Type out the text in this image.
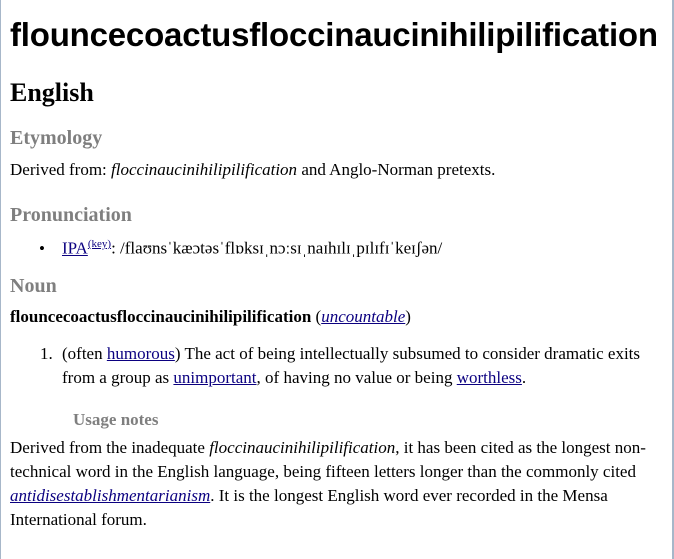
flouncecoactusfloccinaucinihilipilification
English
Etymology
Derived from: floccinaucinihilipilification and Anglo-Norman pretexts.
Pronunciation
• $IPA^{(key)}$: /flaʊnsˈkæɔtəsˈflɒksɪˌnɔːsɪˌnaɪhɪlɪˌpɪlɪfɪˈkeɪʃən/
Noun
flouncecoactusfloccinaucinihilipilification (uncountable)
1. (often humorous) The act of being intellectually subsumed to consider dramatic exits from a group as unimportant, of having no value or being worthless.
Usage notes
Derived from the inadequate floccinaucinihilipilification, it has been cited as the longest non-technical word in the English language, being fifteen letters longer than the commonly cited antidisestablishmentarianism. It is the longest English word ever recorded in the Mensa International forum.
